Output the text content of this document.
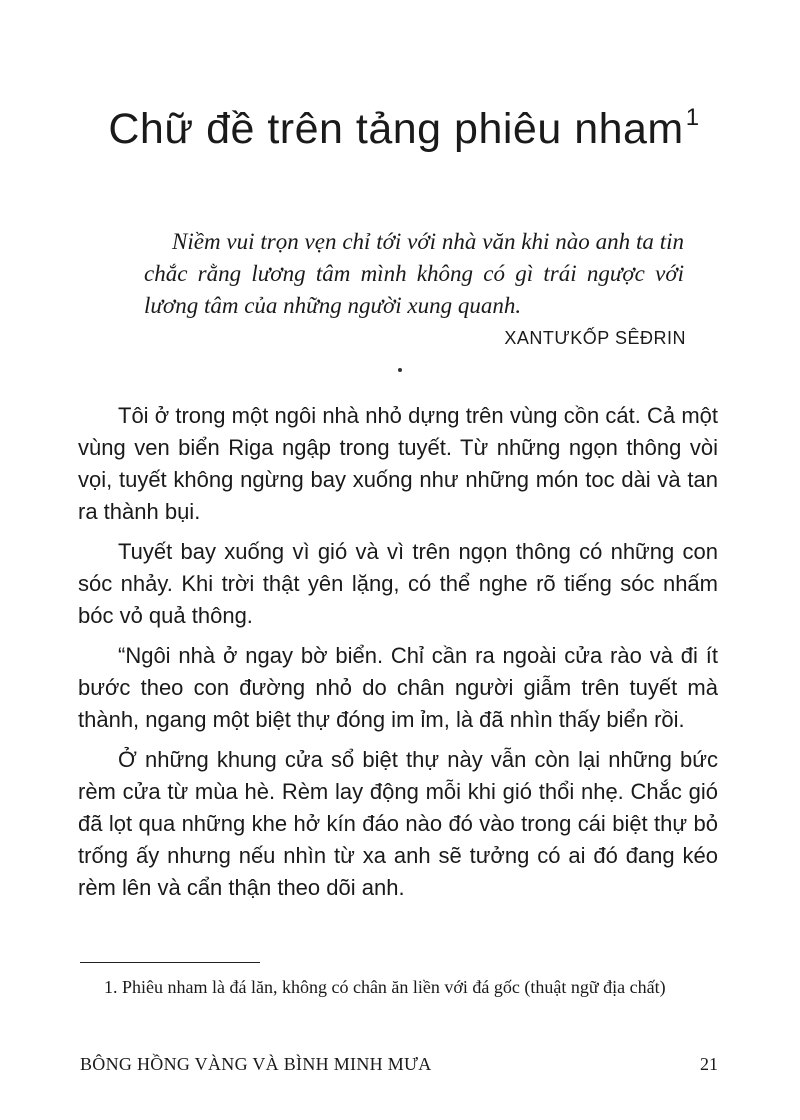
Chữ đề trên tảng phiêu nham$^1$

Niềm vui trọn vẹn chỉ tới với nhà văn khi nào anh ta tin chắc rằng lương tâm mình không có gì trái ngược với lương tâm của những người xung quanh.

XANTƯKỐP SÊĐRIN

Tôi ở trong một ngôi nhà nhỏ dựng trên vùng cồn cát. Cả một vùng ven biển Riga ngập trong tuyết. Từ những ngọn thông vòi vọi, tuyết không ngừng bay xuống như những món toc dài và tan ra thành bụi.

Tuyết bay xuống vì gió và vì trên ngọn thông có những con sóc nhảy. Khi trời thật yên lặng, có thể nghe rõ tiếng sóc nhấm bóc vỏ quả thông.

“Ngôi nhà ở ngay bờ biển. Chỉ cần ra ngoài cửa rào và đi ít bước theo con đường nhỏ do chân người giẫm trên tuyết mà thành, ngang một biệt thự đóng im ỉm, là đã nhìn thấy biển rồi.

Ở những khung cửa sổ biệt thự này vẫn còn lại những bức rèm cửa từ mùa hè. Rèm lay động mỗi khi gió thổi nhẹ. Chắc gió đã lọt qua những khe hở kín đáo nào đó vào trong cái biệt thự bỏ trống ấy nhưng nếu nhìn từ xa anh sẽ tưởng có ai đó đang kéo rèm lên và cẩn thận theo dõi anh.

1. Phiêu nham là đá lăn, không có chân ăn liền với đá gốc (thuật ngữ địa chất)

BÔNG HỒNG VÀNG VÀ BÌNH MINH MƯA	21
